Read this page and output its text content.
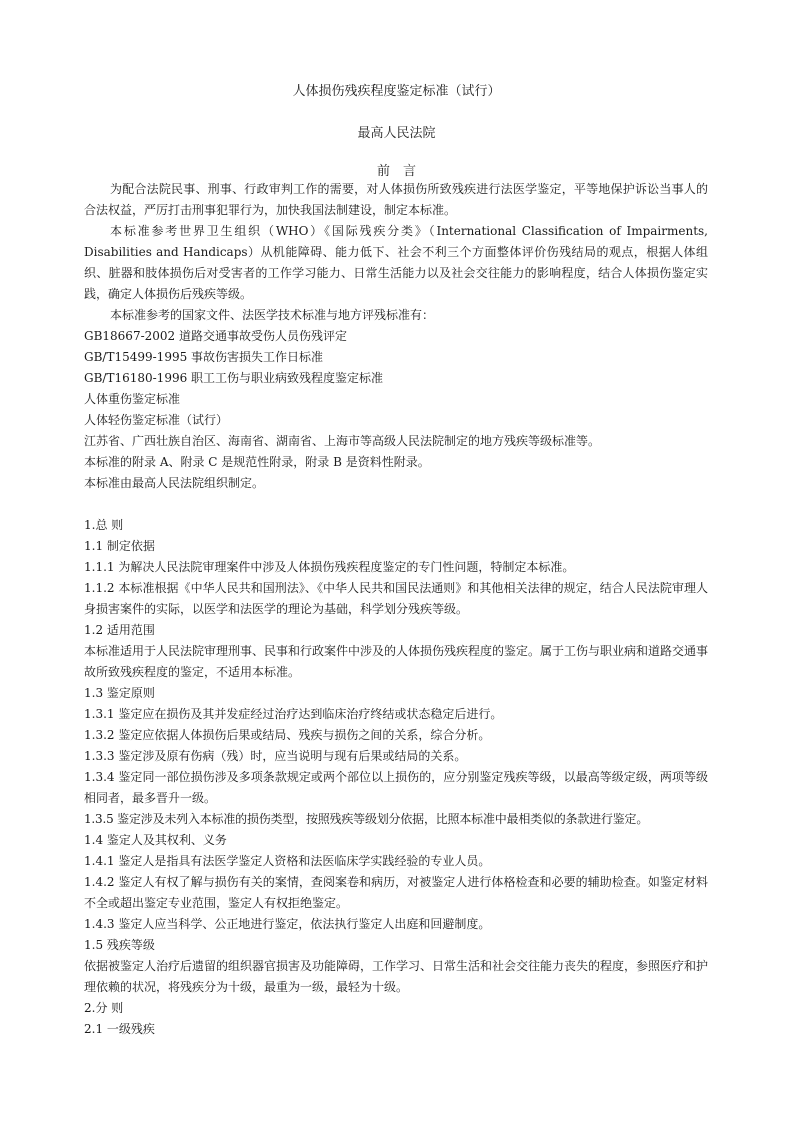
人体损伤残疾程度鉴定标准（试行）
最高人民法院
前　言
为配合法院民事、刑事、行政审判工作的需要，对人体损伤所致残疾进行法医学鉴定，平等地保护诉讼当事人的合法权益，严厉打击刑事犯罪行为，加快我国法制建设，制定本标准。
本标准参考世界卫生组织（WHO）《国际残疾分类》（International Classification of Impairments, Disabilities and Handicaps）从机能障碍、能力低下、社会不利三个方面整体评价伤残结局的观点，根据人体组织、脏器和肢体损伤后对受害者的工作学习能力、日常生活能力以及社会交往能力的影响程度，结合人体损伤鉴定实践，确定人体损伤后残疾等级。
本标准参考的国家文件、法医学技术标准与地方评残标准有：
GB18667-2002 道路交通事故受伤人员伤残评定
GB/T15499-1995 事故伤害损失工作日标准
GB/T16180-1996 职工工伤与职业病致残程度鉴定标准
人体重伤鉴定标准
人体轻伤鉴定标准（试行）
江苏省、广西壮族自治区、海南省、湖南省、上海市等高级人民法院制定的地方残疾等级标准等。
本标准的附录 A、附录 C 是规范性附录，附录 B 是资料性附录。
本标准由最高人民法院组织制定。
1.总 则
1.1 制定依据
1.1.1 为解决人民法院审理案件中涉及人体损伤残疾程度鉴定的专门性问题，特制定本标准。
1.1.2 本标准根据《中华人民共和国刑法》、《中华人民共和国民法通则》和其他相关法律的规定，结合人民法院审理人身损害案件的实际，以医学和法医学的理论为基础，科学划分残疾等级。
1.2 适用范围
本标准适用于人民法院审理刑事、民事和行政案件中涉及的人体损伤残疾程度的鉴定。属于工伤与职业病和道路交通事故所致残疾程度的鉴定，不适用本标准。
1.3 鉴定原则
1.3.1 鉴定应在损伤及其并发症经过治疗达到临床治疗终结或状态稳定后进行。
1.3.2 鉴定应依据人体损伤后果或结局、残疾与损伤之间的关系，综合分析。
1.3.3 鉴定涉及原有伤病（残）时，应当说明与现有后果或结局的关系。
1.3.4 鉴定同一部位损伤涉及多项条款规定或两个部位以上损伤的，应分别鉴定残疾等级，以最高等级定级，两项等级相同者，最多晋升一级。
1.3.5 鉴定涉及未列入本标准的损伤类型，按照残疾等级划分依据，比照本标准中最相类似的条款进行鉴定。
1.4 鉴定人及其权利、义务
1.4.1 鉴定人是指具有法医学鉴定人资格和法医临床学实践经验的专业人员。
1.4.2 鉴定人有权了解与损伤有关的案情，查阅案卷和病历，对被鉴定人进行体格检查和必要的辅助检查。如鉴定材料不全或超出鉴定专业范围，鉴定人有权拒绝鉴定。
1.4.3 鉴定人应当科学、公正地进行鉴定，依法执行鉴定人出庭和回避制度。
1.5 残疾等级
依据被鉴定人治疗后遗留的组织器官损害及功能障碍，工作学习、日常生活和社会交往能力丧失的程度，参照医疗和护理依赖的状况，将残疾分为十级，最重为一级，最轻为十级。
2.分 则
2.1 一级残疾
